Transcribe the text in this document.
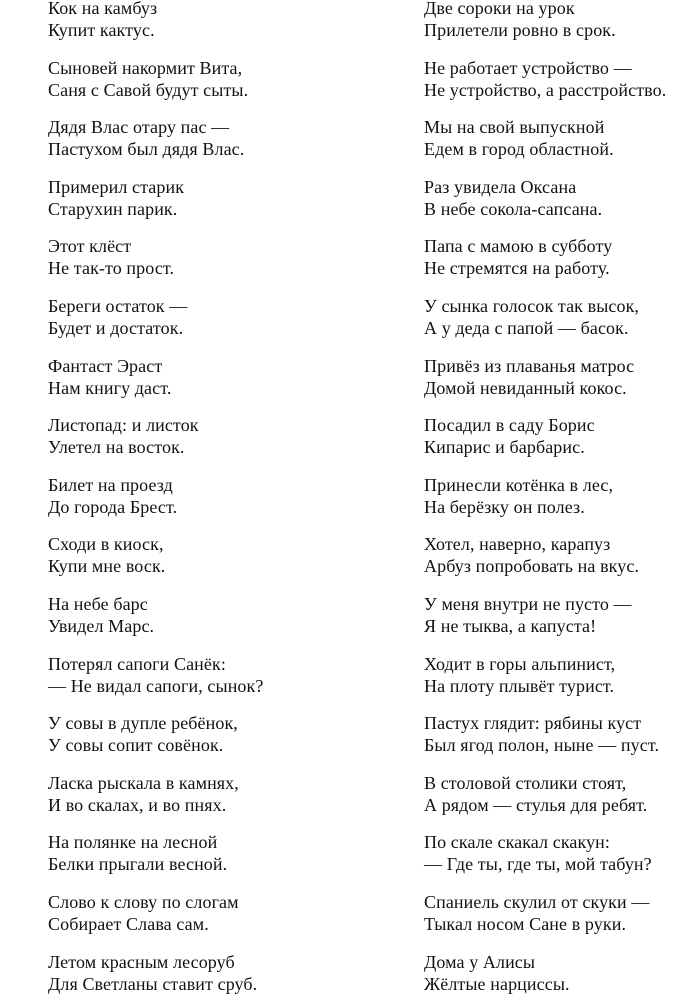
Кок на камбуз
Купит кактус.
Сыновей накормит Вита,
Саня с Савой будут сыты.
Дядя Влас отару пас —
Пастухом был дядя Влас.
Примерил старик
Старухин парик.
Этот клёст
Не так-то прост.
Береги остаток —
Будет и достаток.
Фантаст Эраст
Нам книгу даст.
Листопад: и листок
Улетел на восток.
Билет на проезд
До города Брест.
Сходи в киоск,
Купи мне воск.
На небе барс
Увидел Марс.
Потерял сапоги Санёк:
— Не видал сапоги, сынок?
У совы в дупле ребёнок,
У совы сопит совёнок.
Ласка рыскала в камнях,
И во скалах, и во пнях.
На полянке на лесной
Белки прыгали весной.
Слово к слову по слогам
Собирает Слава сам.
Летом красным лесоруб
Для Светланы ставит сруб.
Две сороки на урок
Прилетели ровно в срок.
Не работает устройство —
Не устройство, а расстройство.
Мы на свой выпускной
Едем в город областной.
Раз увидела Оксана
В небе сокола-сапсана.
Папа с мамою в субботу
Не стремятся на работу.
У сынка голосок так высок,
А у деда с папой — басок.
Привёз из плаванья матрос
Домой невиданный кокос.
Посадил в саду Борис
Кипарис и барбарис.
Принесли котёнка в лес,
На берёзку он полез.
Хотел, наверно, карапуз
Арбуз попробовать на вкус.
У меня внутри не пусто —
Я не тыква, а капуста!
Ходит в горы альпинист,
На плоту плывёт турист.
Пастух глядит: рябины куст
Был ягод полон, ныне — пуст.
В столовой столики стоят,
А рядом — стулья для ребят.
По скале скакал скакун:
— Где ты, где ты, мой табун?
Спаниель скулил от скуки —
Тыкал носом Сане в руки.
Дома у Алисы
Жёлтые нарциссы.
